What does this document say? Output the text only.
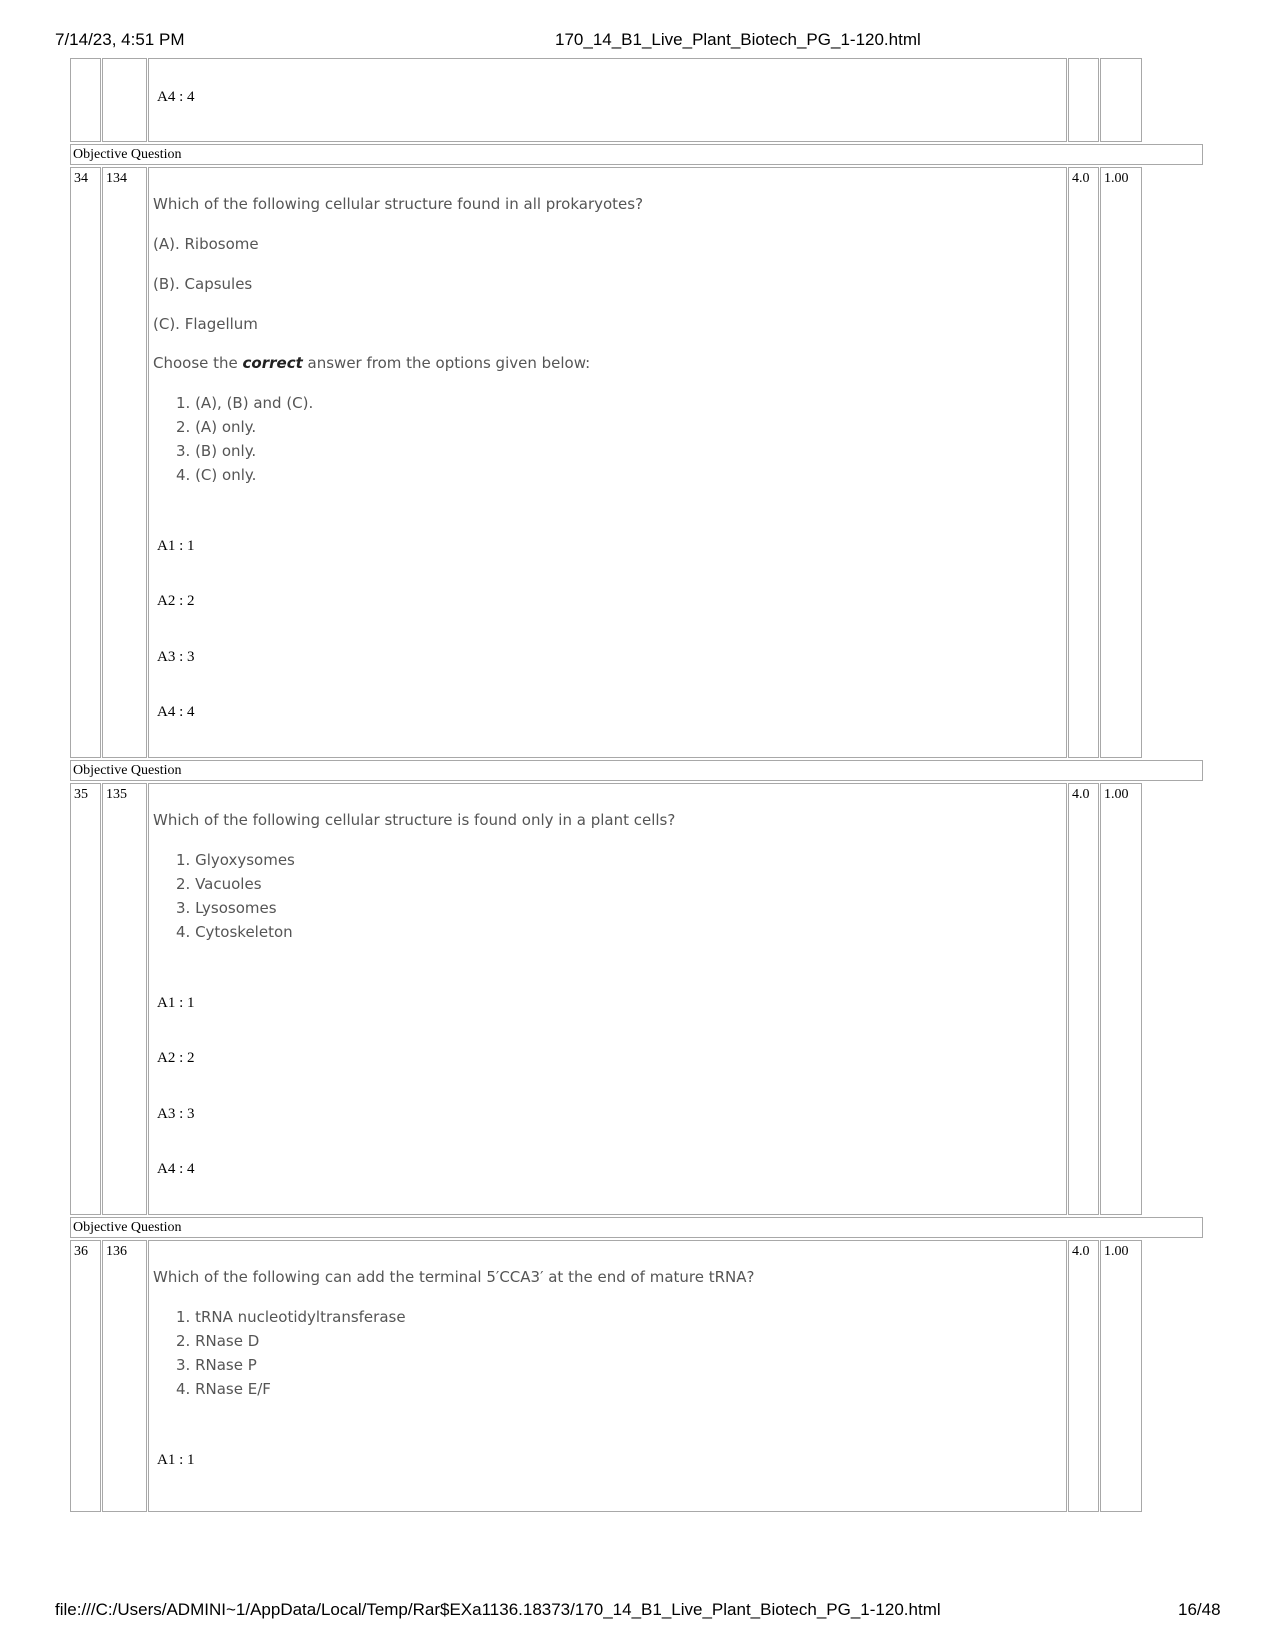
7/14/23, 4:51 PM	170_14_B1_Live_Plant_Biotech_PG_1-120.html
A4 : 4
Objective Question
34	134
Which of the following cellular structure found in all prokaryotes?
(A). Ribosome
(B). Capsules
(C). Flagellum
Choose the correct answer from the options given below:
1. (A), (B) and (C).
2. (A) only.
3. (B) only.
4. (C) only.
A1 : 1
A2 : 2
A3 : 3
A4 : 4
4.0	1.00
Objective Question
35	135
Which of the following cellular structure is found only in a plant cells?
1. Glyoxysomes
2. Vacuoles
3. Lysosomes
4. Cytoskeleton
A1 : 1
A2 : 2
A3 : 3
A4 : 4
4.0	1.00
Objective Question
36	136
Which of the following can add the terminal 5′CCA3′ at the end of mature tRNA?
1. tRNA nucleotidyltransferase
2. RNase D
3. RNase P
4. RNase E/F
A1 : 1
4.0	1.00
file:///C:/Users/ADMINI~1/AppData/Local/Temp/Rar$EXa1136.18373/170_14_B1_Live_Plant_Biotech_PG_1-120.html	16/48
